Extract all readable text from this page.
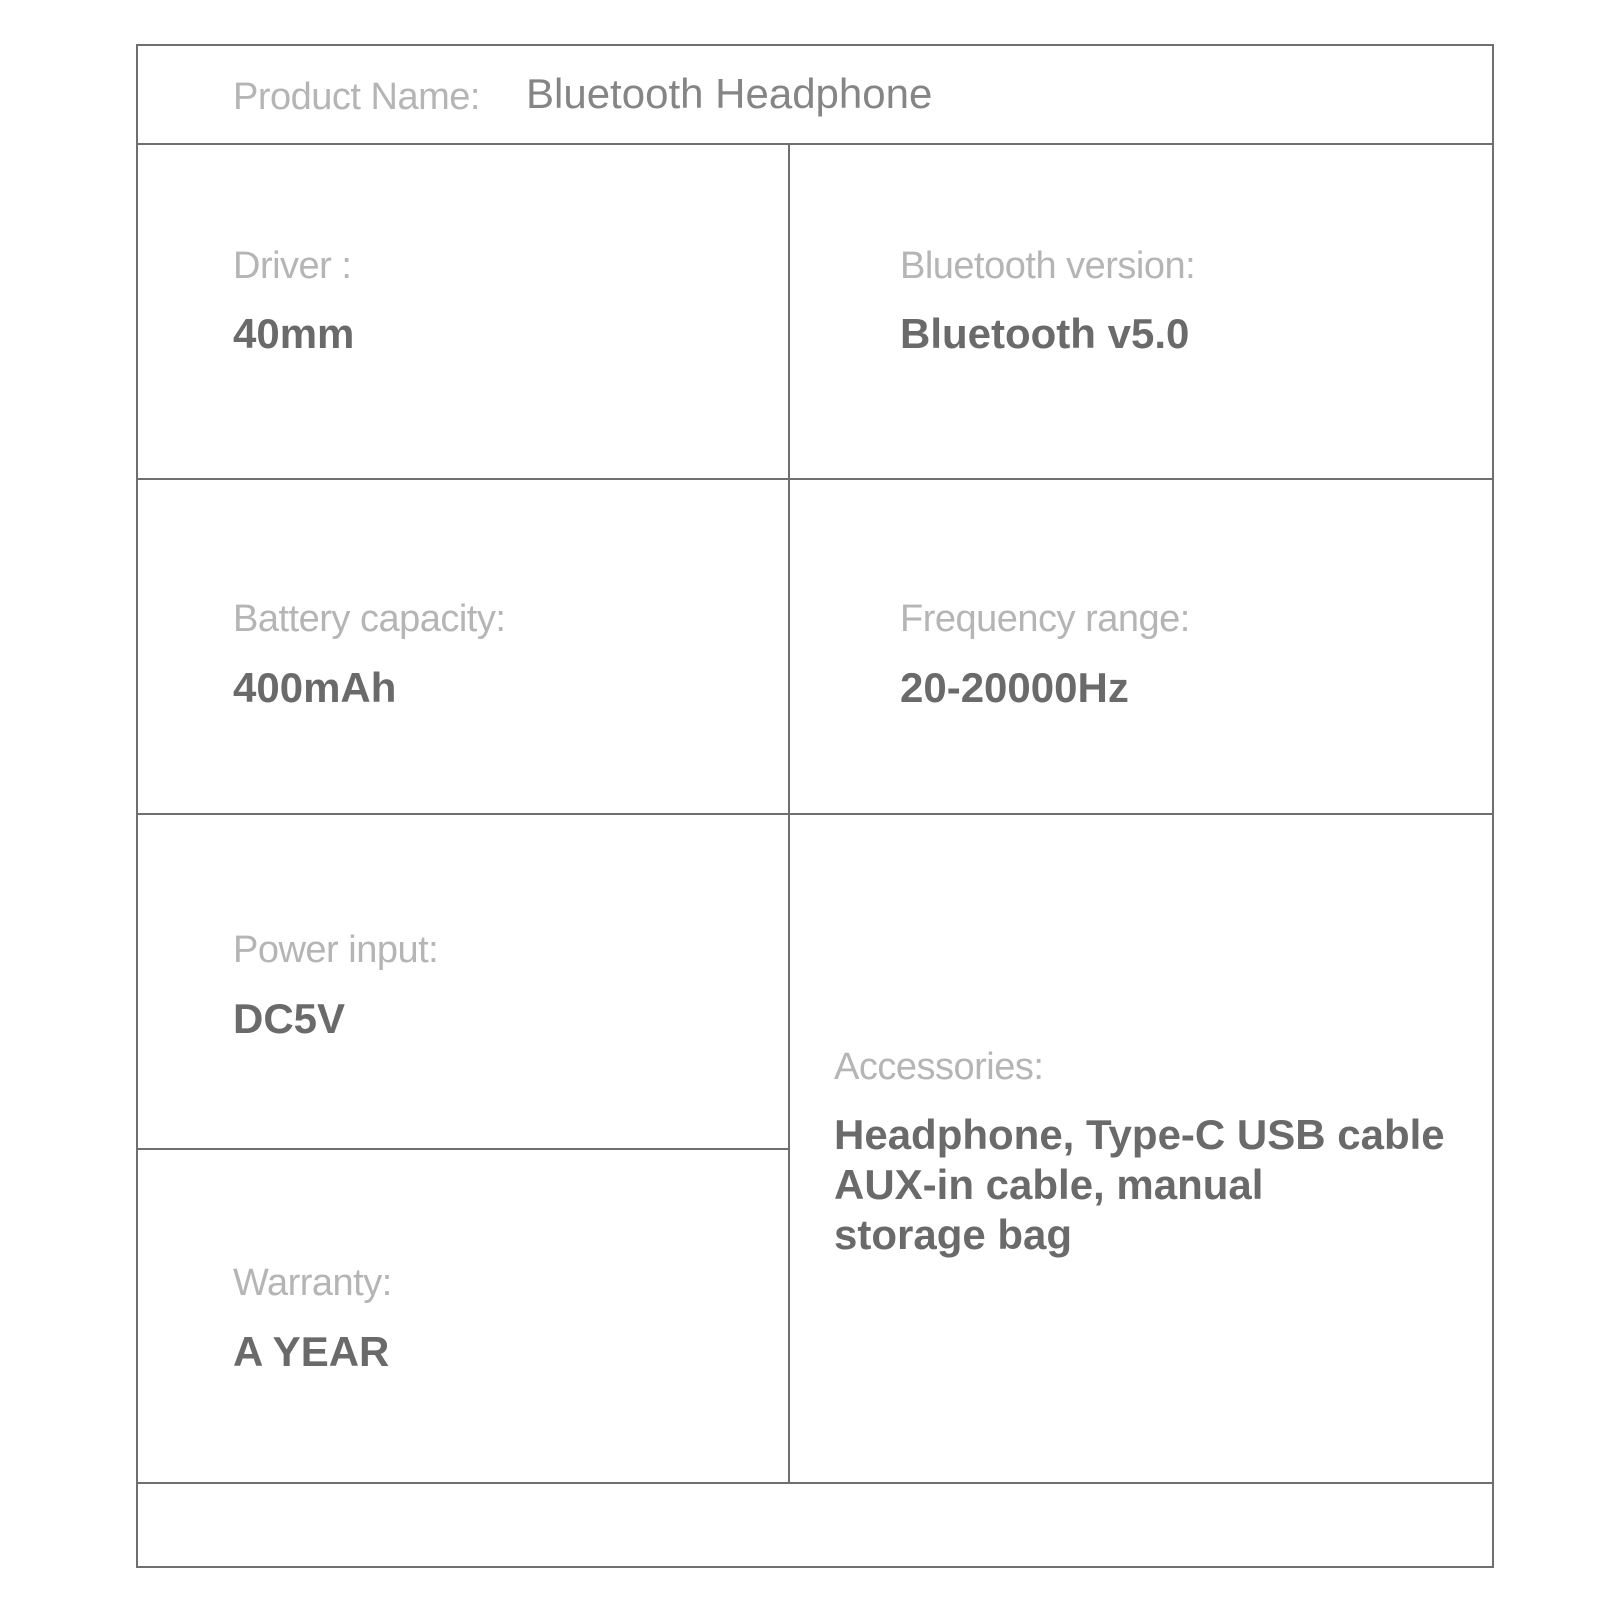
Product Name: Bluetooth Headphone
Driver :
40mm
Bluetooth version:
Bluetooth v5.0
Battery capacity:
400mAh
Frequency range:
20-20000Hz
Power input:
DC5V
Warranty:
A YEAR
Accessories:
Headphone, Type-C USB cable
AUX-in cable, manual
storage bag
